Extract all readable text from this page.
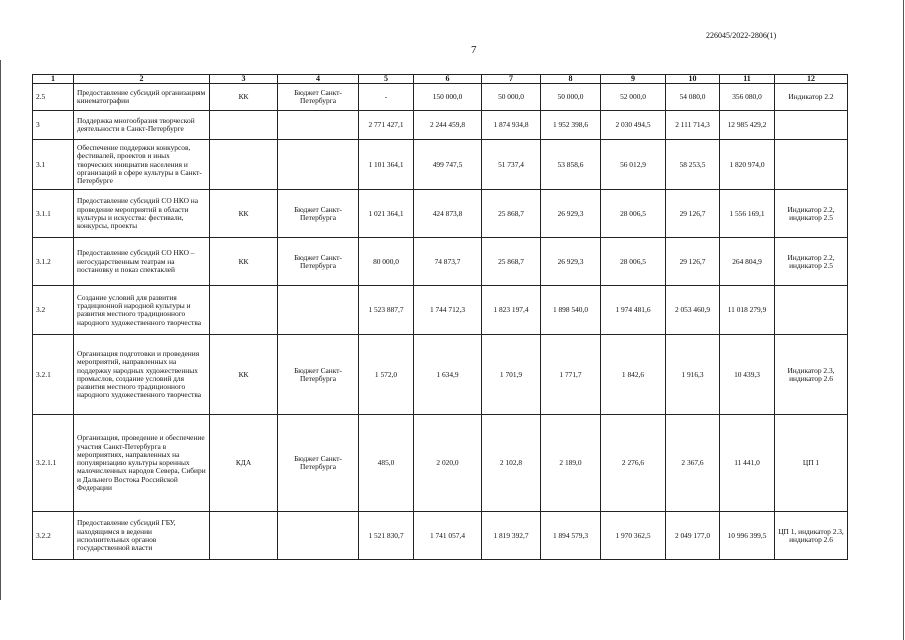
226045/2022-2806(1)
7
1	2	3	4	5	6	7	8	9	10	11	12
2.5	Предоставление субсидий организациям кинематографии	КК	Бюджет Санкт-Петербурга	-	150 000,0	50 000,0	50 000,0	52 000,0	54 080,0	356 080,0	Индикатор 2.2
3	Поддержка многообразия творческой деятельности в Санкт-Петербурге			2 771 427,1	2 244 459,8	1 874 934,8	1 952 398,6	2 030 494,5	2 111 714,3	12 985 429,2	
3.1	Обеспечение поддержки конкурсов, фестивалей, проектов и иных творческих инициатив населения и организаций в сфере культуры в Санкт-Петербурге			1 101 364,1	499 747,5	51 737,4	53 858,6	56 012,9	58 253,5	1 820 974,0	
3.1.1	Предоставление субсидий СО НКО на проведение мероприятий в области культуры и искусства: фестивали, конкурсы, проекты	КК	Бюджет Санкт-Петербурга	1 021 364,1	424 873,8	25 868,7	26 929,3	28 006,5	29 126,7	1 556 169,1	Индикатор 2.2, индикатор 2.5
3.1.2	Предоставление субсидий СО НКО – негосударственным театрам на постановку и показ спектаклей	КК	Бюджет Санкт-Петербурга	80 000,0	74 873,7	25 868,7	26 929,3	28 006,5	29 126,7	264 804,9	Индикатор 2.2, индикатор 2.5
3.2	Создание условий для развития традиционной народной культуры и развития местного традиционного народного художественного творчества			1 523 887,7	1 744 712,3	1 823 197,4	1 898 540,0	1 974 481,6	2 053 460,9	11 018 279,9	
3.2.1	Организация подготовки и проведения мероприятий, направленных на поддержку народных художественных промыслов, создание условий для развития местного традиционного народного художественного творчества	КК	Бюджет Санкт-Петербурга	1 572,0	1 634,9	1 701,9	1 771,7	1 842,6	1 916,3	10 439,3	Индикатор 2.3, индикатор 2.6
3.2.1.1	Организация, проведение и обеспечение участия Санкт-Петербурга в мероприятиях, направленных на популяризацию культуры коренных малочисленных народов Севера, Сибири и Дальнего Востока Российской Федерации	КДА	Бюджет Санкт-Петербурга	485,0	2 020,0	2 102,8	2 189,0	2 276,6	2 367,6	11 441,0	ЦП 1
3.2.2	Предоставление субсидий ГБУ, находящимся в ведении исполнительных органов государственной власти			1 521 830,7	1 741 057,4	1 819 392,7	1 894 579,3	1 970 362,5	2 049 177,0	10 996 399,5	ЦП 1, индикатор 2.3, индикатор 2.6
